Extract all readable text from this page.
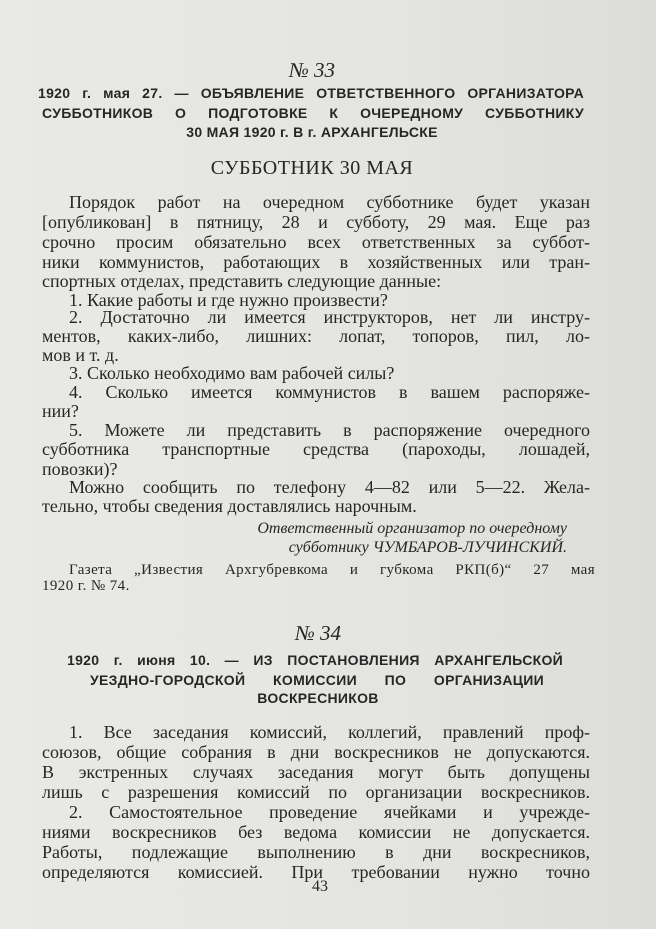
№ 33
1920 г. мая 27. — ОБЪЯВЛЕНИЕ ОТВЕТСТВЕННОГО ОРГАНИЗАТОРА
СУББОТНИКОВ О ПОДГОТОВКЕ К ОЧЕРЕДНОМУ СУББОТНИКУ
30 МАЯ 1920 г. В г. АРХАНГЕЛЬСКЕ
СУББОТНИК 30 МАЯ
Порядок работ на очередном субботнике будет указан
[опубликован] в пятницу, 28 и субботу, 29 мая. Еще раз
срочно просим обязательно всех ответственных за суббот-
ники коммунистов, работающих в хозяйственных или тран-
спортных отделах, представить следующие данные:
1. Какие работы и где нужно произвести?
2. Достаточно ли имеется инструкторов, нет ли инстру-
ментов, каких-либо, лишних: лопат, топоров, пил, ло-
мов и т. д.
3. Сколько необходимо вам рабочей силы?
4. Сколько имеется коммунистов в вашем распоряже-
нии?
5. Можете ли представить в распоряжение очередного
субботника транспортные средства (пароходы, лошадей,
повозки)?
Можно сообщить по телефону 4—82 или 5—22. Жела-
тельно, чтобы сведения доставлялись нарочным.
Ответственный организатор по очередному
субботнику ЧУМБАРОВ-ЛУЧИНСКИЙ.
Газета „Известия Архгубревкома и губкома РКП(б)“ 27 мая
1920 г. № 74.
№ 34
1920 г. июня 10. — ИЗ ПОСТАНОВЛЕНИЯ АРХАНГЕЛЬСКОЙ
УЕЗДНО-ГОРОДСКОЙ КОМИССИИ ПО ОРГАНИЗАЦИИ
ВОСКРЕСНИКОВ
1. Все заседания комиссий, коллегий, правлений проф-
союзов, общие собрания в дни воскресников не допускаются.
В экстренных случаях заседания могут быть допущены
лишь с разрешения комиссий по организации воскресников.
2. Самостоятельное проведение ячейками и учрежде-
ниями воскресников без ведома комиссии не допускается.
Работы, подлежащие выполнению в дни воскресников,
определяются комиссией. При требовании нужно точно
43
